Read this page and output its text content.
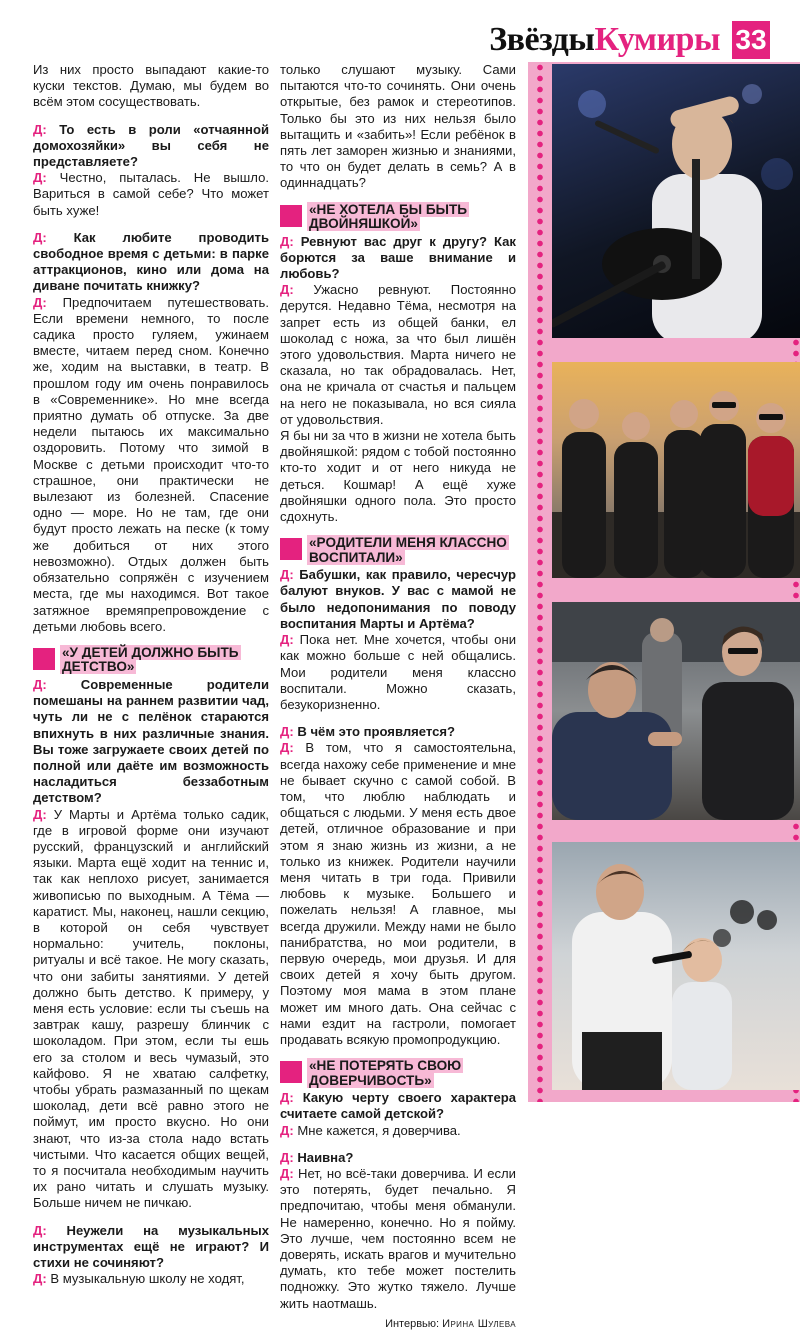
Звёзды Кумиры 33

Из них просто выпадают какие-то куски текстов. Думаю, мы будем во всём этом сосуществовать.

Д: То есть в роли «отчаянной домохозяйки» вы себя не представляете?

Д: Честно, пыталась. Не вышло. Вариться в самой себе? Что может быть хуже!

Д: Как любите проводить свободное время с детьми: в парке аттракционов, кино или дома на диване почитать книжку?

Д: Предпочитаем путешествовать. Если времени немного, то после садика просто гуляем, ужинаем вместе, читаем перед сном. Конечно же, ходим на выставки, в театр. В прошлом году им очень понравилось в «Современнике». Но мне всегда приятно думать об отпуске. За две недели пытаюсь их максимально оздоровить. Потому что зимой в Москве с детьми происходит что-то страшное, они практически не вылезают из болезней. Спасение одно — море. Но не там, где они будут просто лежать на песке (к тому же добиться от них этого невозможно). Отдых должен быть обязательно сопряжён с изучением места, где мы находимся. Вот такое затяжное времяпрепровождение с детьми любовь всего.

«У ДЕТЕЙ ДОЛЖНО БЫТЬ ДЕТСТВО»

Д:	Современные родители помешаны на раннем развитии чад, чуть ли не с пелёнок стараются впихнуть в них различные знания. Вы тоже загружаете своих детей по полной или даёте им возможность насладиться беззаботным детством?

Д: У Марты и Артёма только садик, где в игровой форме они изучают русский, французский и английский языки. Марта ещё ходит на теннис и, так как неплохо рисует, занимается живописью по выходным. А Тёма — каратист. Мы, наконец, нашли секцию, в которой он себя чувствует нормально: учитель, поклоны, ритуалы и всё такое. Не могу сказать, что они забиты занятиями. У детей должно быть детство. К примеру, у меня есть условие: если ты съешь на завтрак кашу, разрешу блинчик с шоколадом. При этом, если ты ешь его за столом и весь чумазый, это кайфово. Я не хватаю салфетку, чтобы убрать размазанный по щекам шоколад, дети всё равно этого не поймут, им просто вкусно. Но они знают, что из-за стола надо встать чистыми. Что касается общих вещей, то я посчитала необходимым научить их рано читать и слушать музыку. Больше ничем не пичкаю.

Д: Неужели на музыкальных инструментах ещё не играют? И стихи не сочиняют?

Д: В музыкальную школу не ходят,

только слушают музыку. Сами пытаются что-то сочинять. Они очень открытые, без рамок и стереотипов. Только бы это из них нельзя было вытащить и «забить»! Если ребёнок в пять лет заморен жизнью и знаниями, то что он будет делать в семь? А в одиннадцать?

«НЕ ХОТЕЛА БЫ БЫТЬ ДВОЙНЯШКОЙ»

Д: Ревнуют вас друг к другу? Как борются за ваше внимание и любовь?

Д: Ужасно ревнуют. Постоянно дерутся. Недавно Тёма, несмотря на запрет есть из общей банки, ел шоколад с ножа, за что был лишён этого удовольствия. Марта ничего не сказала, но так обрадовалась. Нет, она не кричала от счастья и пальцем на него не показывала, но вся сияла от удовольствия.

Я бы ни за что в жизни не хотела быть двойняшкой: рядом с тобой постоянно кто-то ходит и от него никуда не деться. Кошмар! А ещё хуже двойняшки одного пола. Это просто сдохнуть.

«РОДИТЕЛИ МЕНЯ КЛАССНО ВОСПИТАЛИ»

Д: Бабушки, как правило, чересчур балуют внуков. У вас с мамой не было недопонимания по поводу воспитания Марты и Артёма?

Д: Пока нет. Мне хочется, чтобы они как можно больше с ней общались. Мои родители меня классно воспитали. Можно сказать, безукоризненно.

Д: В чём это проявляется?

Д: В том, что я самостоятельна, всегда нахожу себе применение и мне не бывает скучно с самой собой. В том, что люблю наблюдать и общаться с людьми. У меня есть двое детей, отличное образование и при этом я знаю жизнь из жизни, а не только из книжек. Родители научили меня читать в три года. Привили любовь к музыке. Большего и пожелать нельзя! А главное, мы всегда дружили. Между нами не было панибратства, но мои родители, в первую очередь, мои друзья. И для своих детей я хочу быть другом. Поэтому моя мама в этом плане может им много дать. Она сейчас с нами ездит на гастроли, помогает продавать всякую промопродукцию.

«НЕ ПОТЕРЯТЬ СВОЮ ДОВЕРЧИВОСТЬ»

Д: Какую черту своего характера считаете самой детской?

Д: Мне кажется, я доверчива.

Д: Наивна?

Д: Нет, но всё-таки доверчива. И если это потерять, будет печально. Я предпочитаю, чтобы меня обманули. Не намеренно, конечно. Но я пойму. Это лучше, чем постоянно всем не доверять, искать врагов и мучительно думать, кто тебе может постелить подножку. Это жутко тяжело. Лучше жить наотмашь.

Интервью: Ирина Шулева
